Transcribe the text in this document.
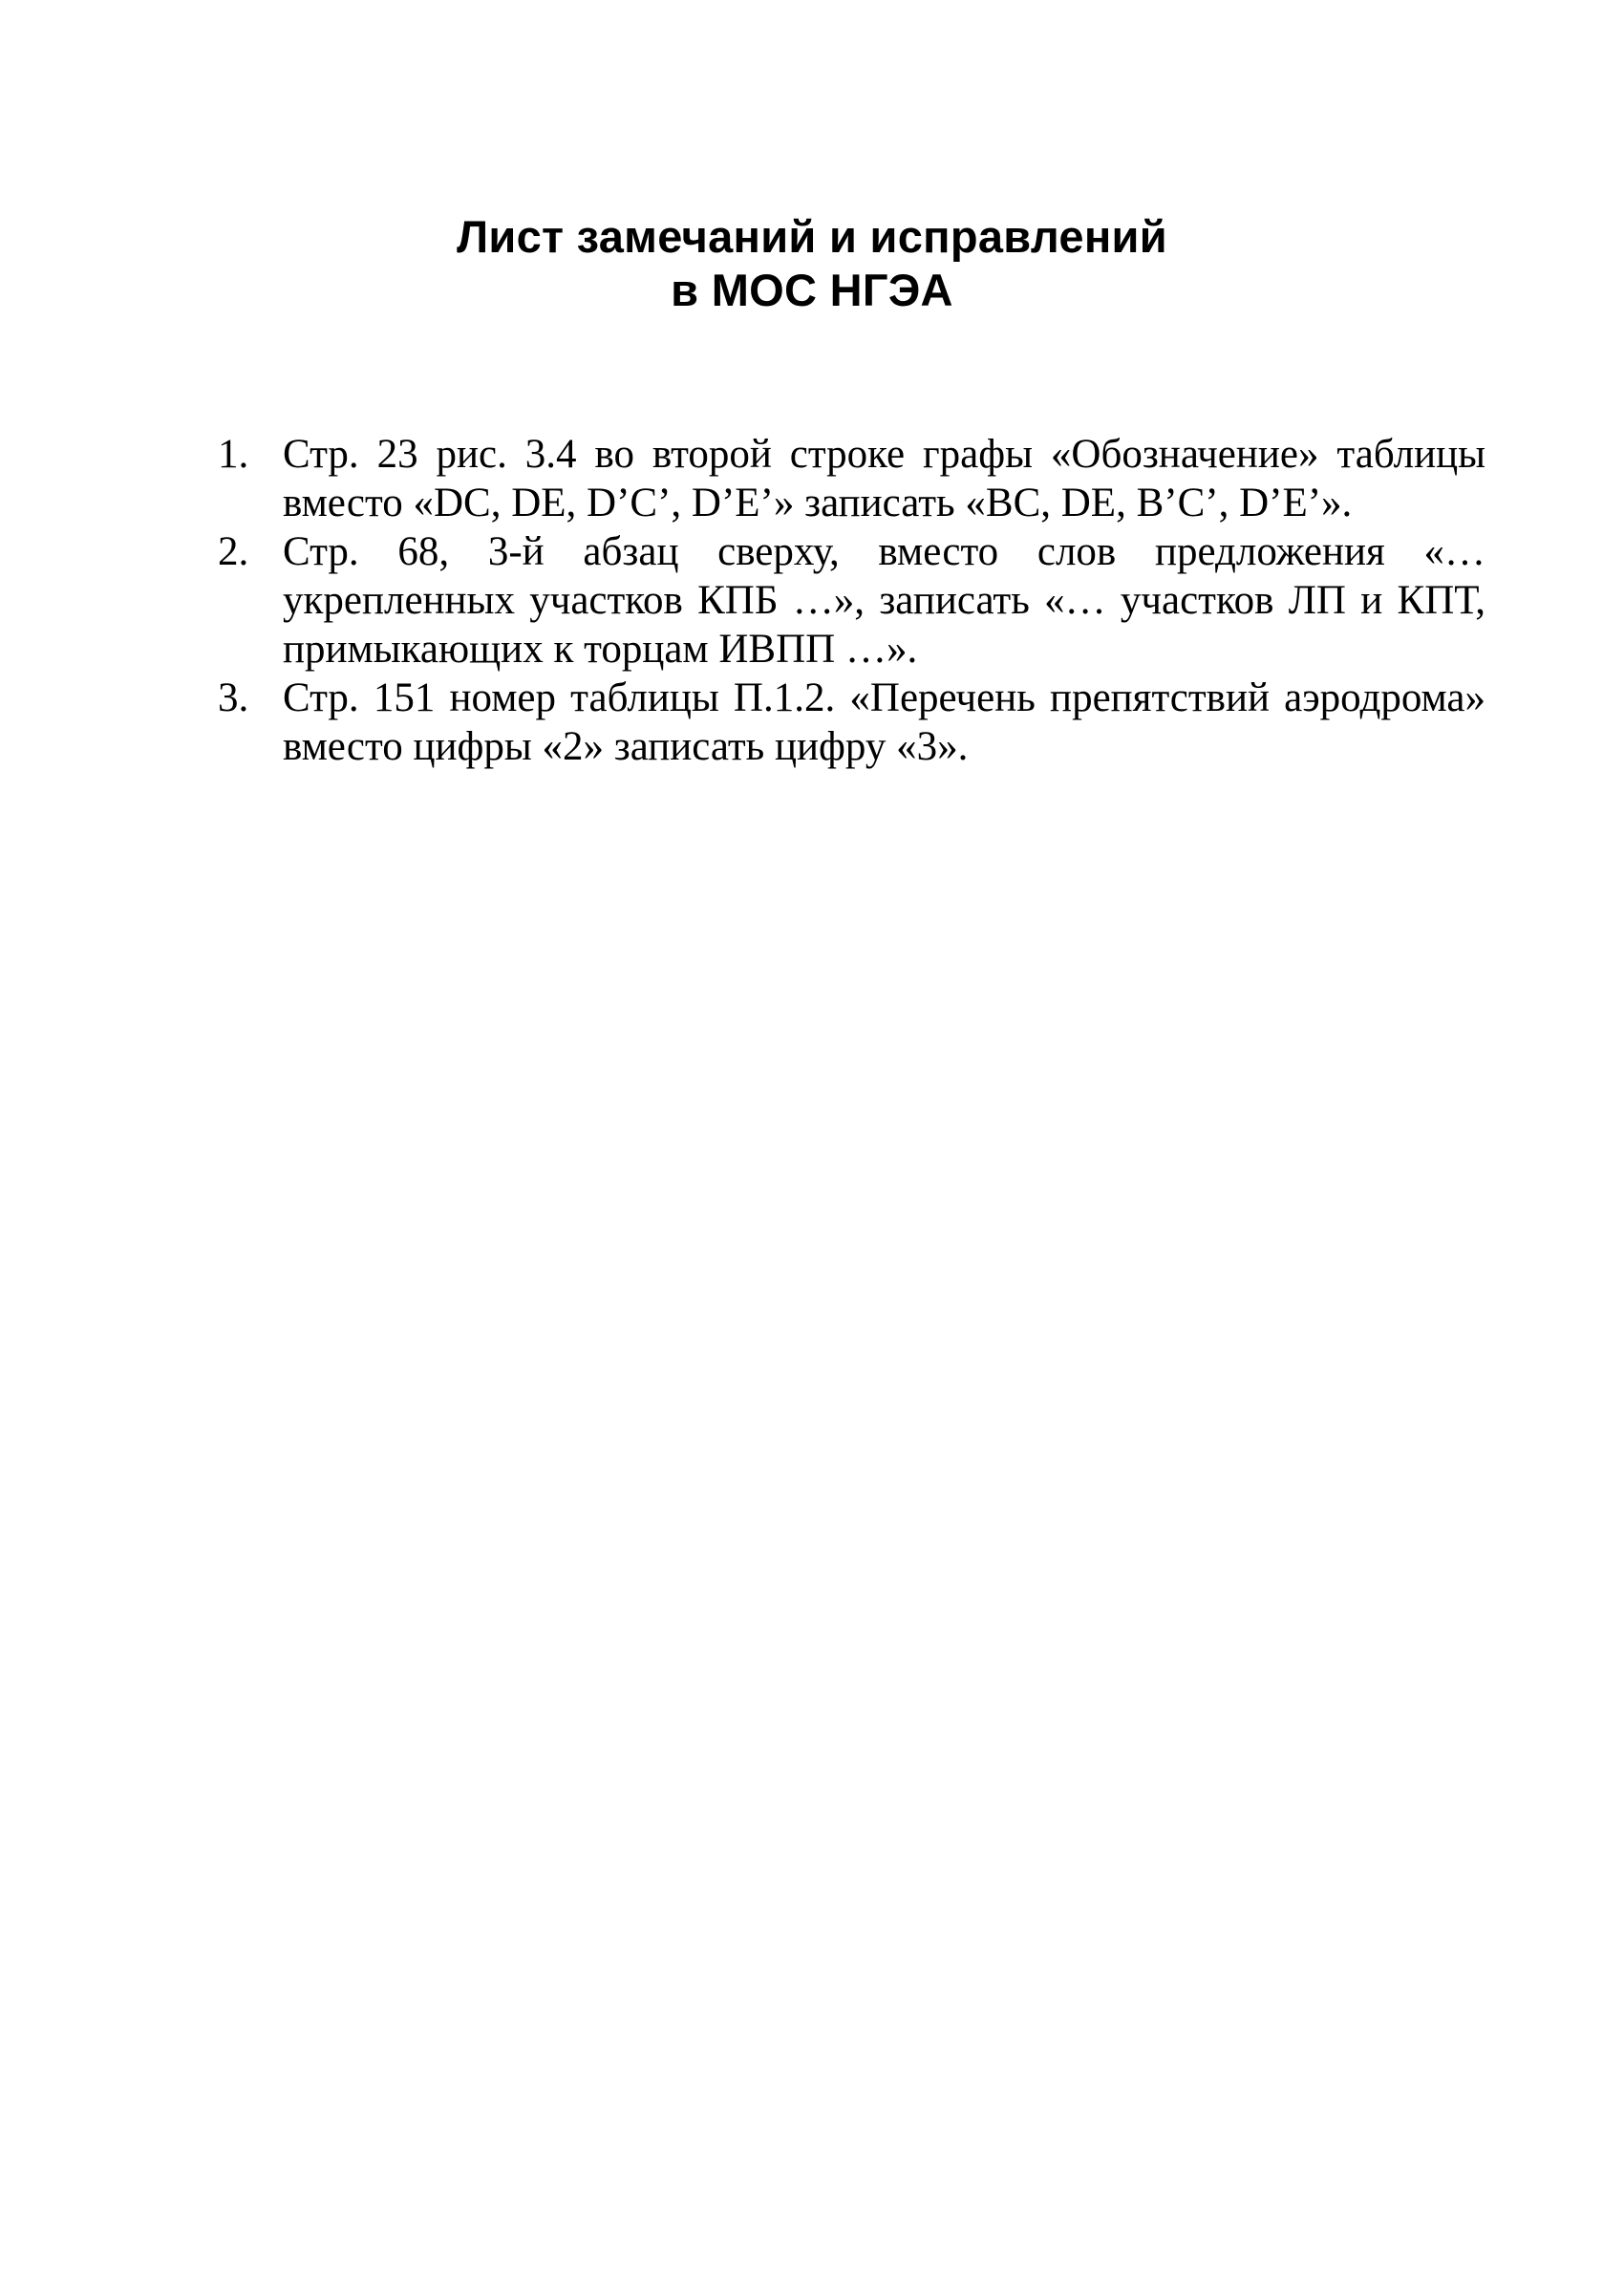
Лист замечаний и исправлений
в МОС НГЭА
1. Стр. 23 рис. 3.4 во второй строке графы «Обозначение» таблицы вместо «DC, DE, D’C’, D’E’» записать «BC, DE, B’C’, D’E’».
2. Стр. 68, 3-й абзац сверху, вместо слов предложения «…укрепленных участков КПБ …», записать «… участков ЛП и КПТ, примыкающих к торцам ИВПП …».
3. Стр. 151 номер таблицы П.1.2. «Перечень препятствий аэродрома» вместо цифры «2» записать цифру «3».
